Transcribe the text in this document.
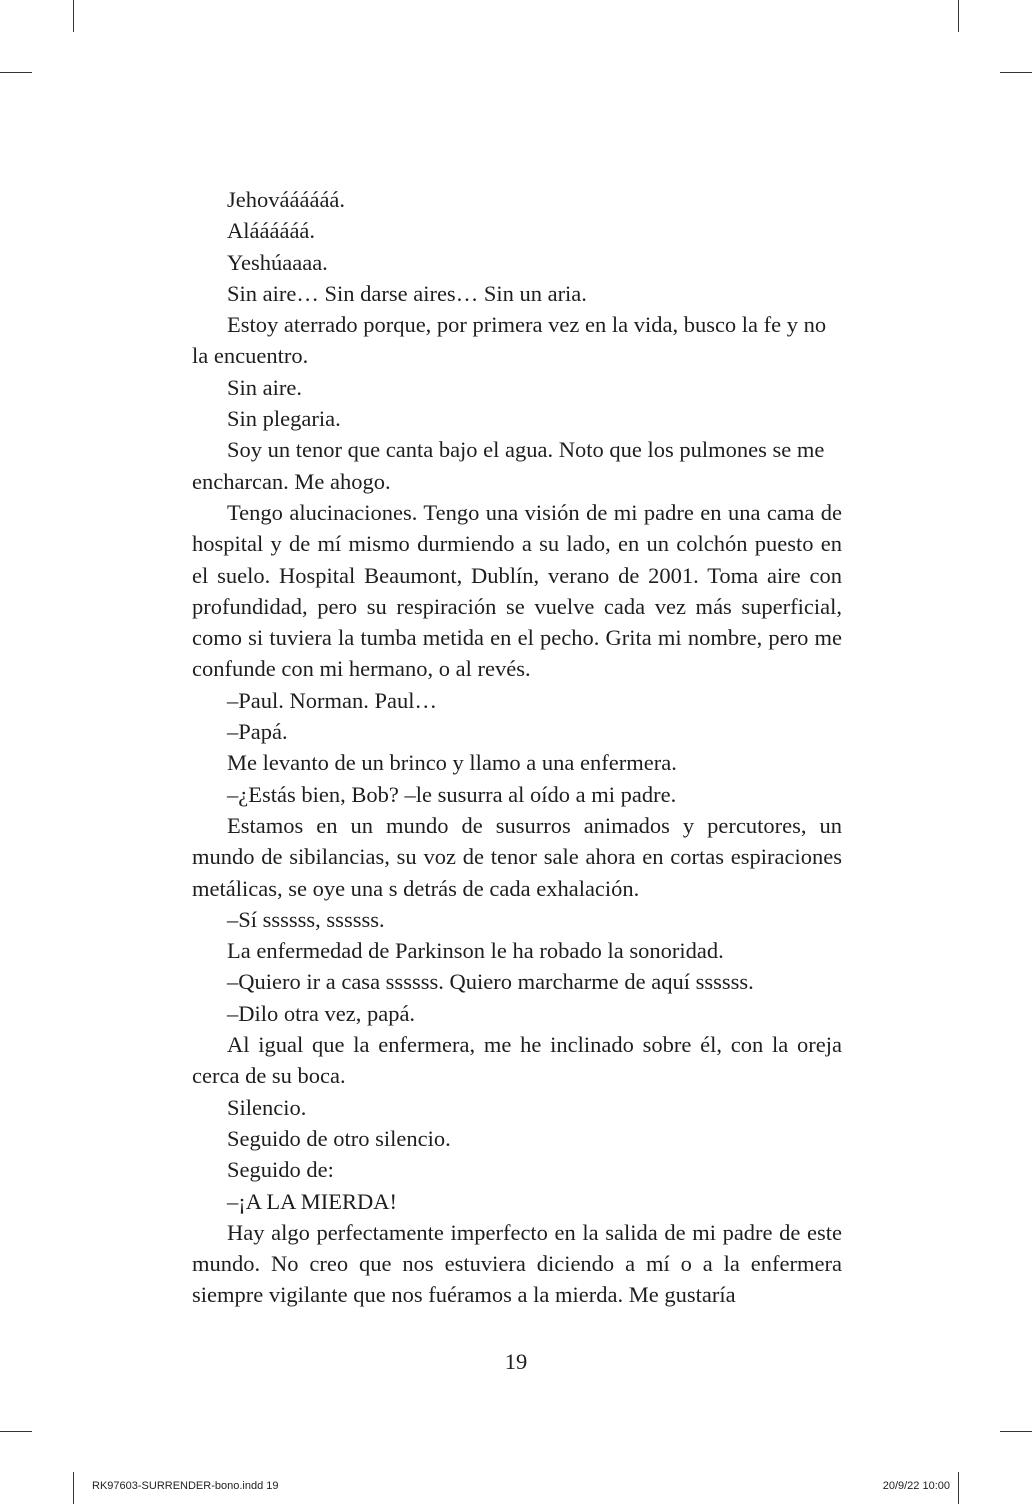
Jehováááááá.

Aláááááá.

Yeshúaaaa.

Sin aire… Sin darse aires… Sin un aria.

Estoy aterrado porque, por primera vez en la vida, busco la fe y no la encuentro.

Sin aire.

Sin plegaria.

Soy un tenor que canta bajo el agua. Noto que los pulmones se me encharcan. Me ahogo.

Tengo alucinaciones. Tengo una visión de mi padre en una cama de hospital y de mí mismo durmiendo a su lado, en un colchón puesto en el suelo. Hospital Beaumont, Dublín, verano de 2001. Toma aire con profundidad, pero su respiración se vuelve cada vez más superficial, como si tuviera la tumba metida en el pecho. Grita mi nombre, pero me confunde con mi hermano, o al revés.

–Paul. Norman. Paul…

–Papá.

Me levanto de un brinco y llamo a una enfermera.

–¿Estás bien, Bob? –le susurra al oído a mi padre.

Estamos en un mundo de susurros animados y percutores, un mundo de sibilancias, su voz de tenor sale ahora en cortas espiraciones metálicas, se oye una s detrás de cada exhalación.

–Sí ssssss, ssssss.

La enfermedad de Parkinson le ha robado la sonoridad.

–Quiero ir a casa ssssss. Quiero marcharme de aquí ssssss.

–Dilo otra vez, papá.

Al igual que la enfermera, me he inclinado sobre él, con la oreja cerca de su boca.

Silencio.

Seguido de otro silencio.

Seguido de:

–¡A LA MIERDA!

Hay algo perfectamente imperfecto en la salida de mi padre de este mundo. No creo que nos estuviera diciendo a mí o a la enfermera siempre vigilante que nos fuéramos a la mierda. Me gustaría

19
RK97603-SURRENDER-bono.indd 19	20/9/22 10:00
